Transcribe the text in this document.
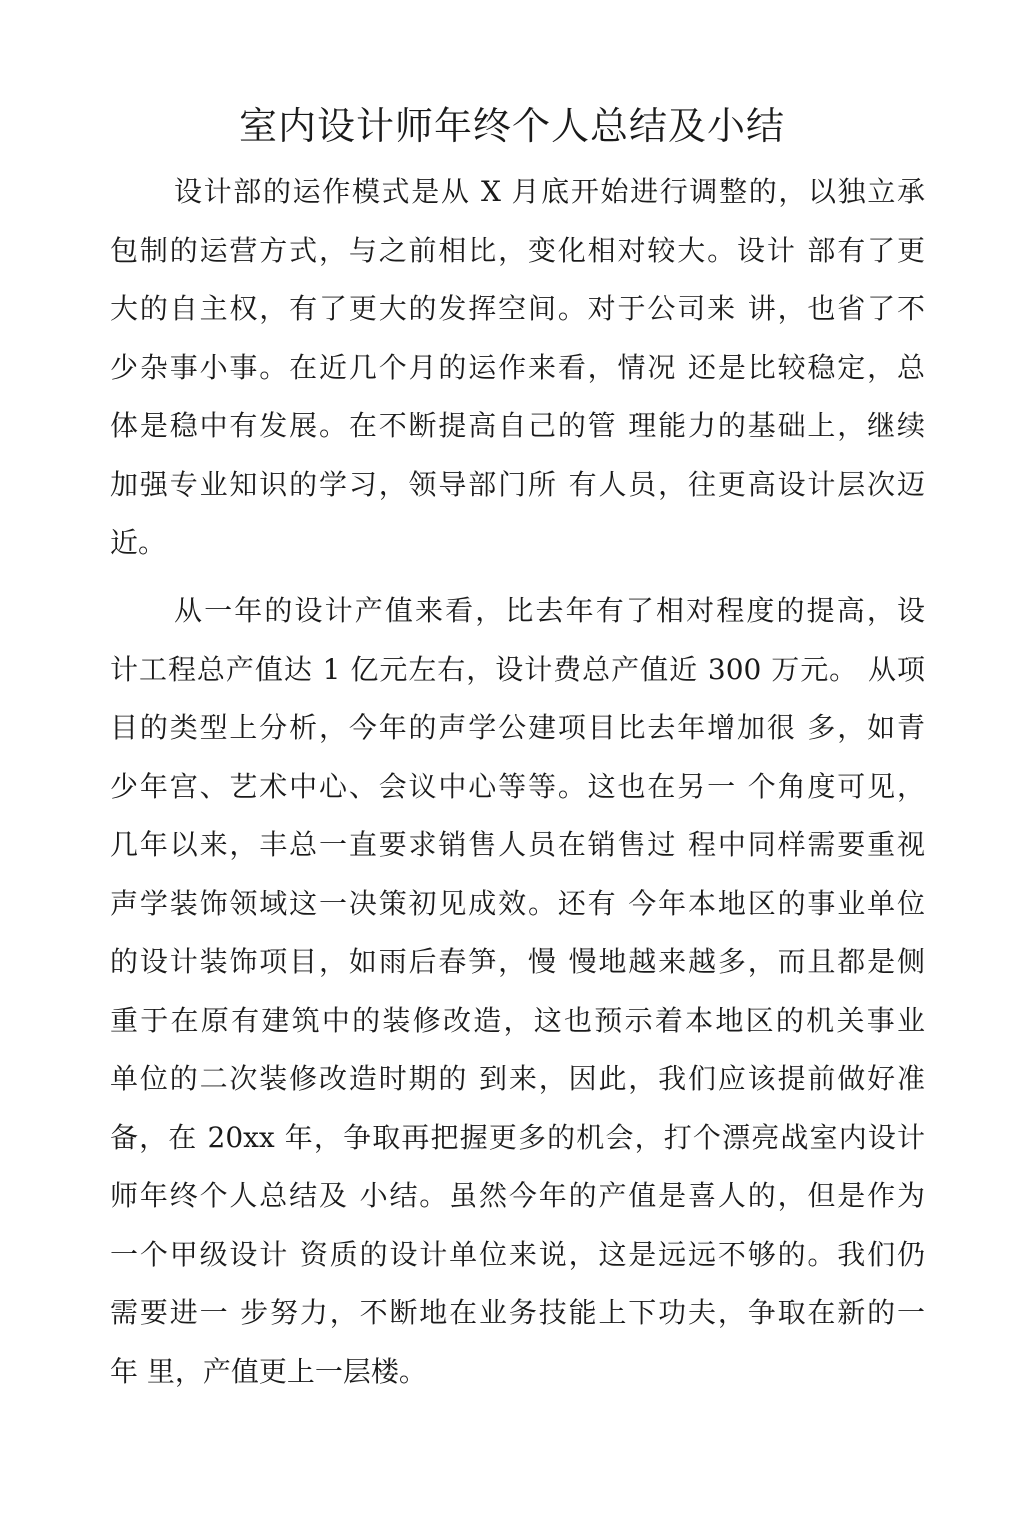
室内设计师年终个人总结及小结
设计部的运作模式是从 X 月底开始进行调整的，以独立承
包制的运营方式，与之前相比，变化相对较大。设计 部有了更
大的自主权，有了更大的发挥空间。对于公司来 讲，也省了不
少杂事小事。在近几个月的运作来看，情况 还是比较稳定，总
体是稳中有发展。在不断提高自己的管 理能力的基础上，继续
加强专业知识的学习，领导部门所 有人员，往更高设计层次迈
近。
从一年的设计产值来看，比去年有了相对程度的提高，设
计工程总产值达 1 亿元左右，设计费总产值近 300 万元。 从项
目的类型上分析，今年的声学公建项目比去年增加很 多，如青
少年宫、艺术中心、会议中心等等。这也在另一 个角度可见，
几年以来，丰总一直要求销售人员在销售过 程中同样需要重视
声学装饰领域这一决策初见成效。还有 今年本地区的事业单位
的设计装饰项目，如雨后春笋，慢 慢地越来越多，而且都是侧
重于在原有建筑中的装修改造，这也预示着本地区的机关事业
单位的二次装修改造时期的 到来，因此，我们应该提前做好准
备，在 20xx 年，争取再把握更多的机会，打个漂亮战室内设计
师年终个人总结及 小结。虽然今年的产值是喜人的，但是作为
一个甲级设计 资质的设计单位来说，这是远远不够的。我们仍
需要进一 步努力，不断地在业务技能上下功夫，争取在新的一
年 里，产值更上一层楼。
